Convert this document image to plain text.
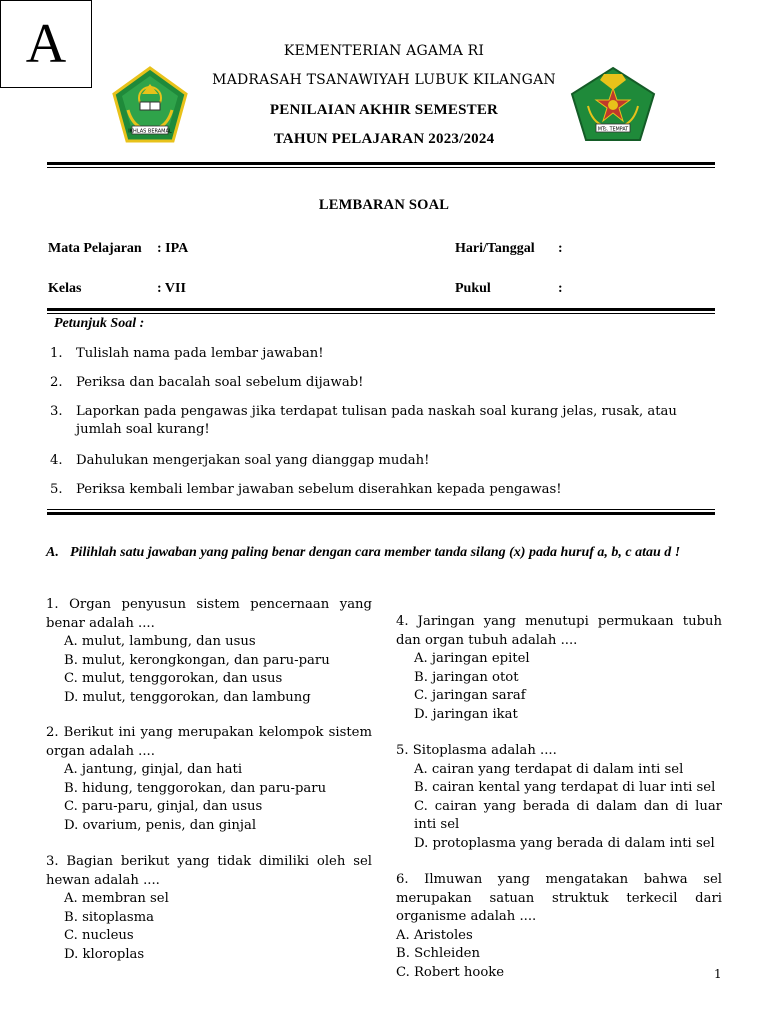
A
IKHLAS BERAMAL	MTs. TEMPAT
KEMENTERIAN AGAMA RI
MADRASAH TSANAWIYAH LUBUK KILANGAN
PENILAIAN AKHIR SEMESTER
TAHUN PELAJARAN 2023/2024
LEMBARAN SOAL
Mata Pelajaran : IPA	Hari/Tanggal :
Kelas	: VII	Pukul	:
Petunjuk Soal :
1. Tulislah nama pada lembar jawaban!
2. Periksa dan bacalah soal sebelum dijawab!
3.	Laporkan pada pengawas jika terdapat tulisan pada naskah soal kurang jelas, rusak, atau jumlah soal kurang!
4. Dahulukan mengerjakan soal yang dianggap mudah!
5. Periksa kembali lembar jawaban sebelum diserahkan kepada pengawas!
A. Pilihlah satu jawaban yang paling benar dengan cara member tanda silang (x) pada huruf a, b, c atau d !
1. Organ penyusun sistem pencernaan yang benar adalah ....
A. mulut, lambung, dan usus
B. mulut, kerongkongan, dan paru-paru
C. mulut, tenggorokan, dan usus
D. mulut, tenggorokan, dan lambung
2. Berikut ini yang merupakan kelompok sistem organ adalah ....
A. jantung, ginjal, dan hati
B. hidung, tenggorokan, dan paru-paru
C. paru-paru, ginjal, dan usus
D. ovarium, penis, dan ginjal
3. Bagian berikut yang tidak dimiliki oleh sel hewan adalah ....
A. membran sel
B. sitoplasma
C. nucleus
D. kloroplas
4. Jaringan yang menutupi permukaan tubuh dan organ tubuh adalah ....
A. jaringan epitel
B. jaringan otot
C. jaringan saraf
D. jaringan ikat
5. Sitoplasma adalah ....
A. cairan yang terdapat di dalam inti sel
B. cairan kental yang terdapat di luar inti sel
C. cairan yang berada di dalam dan di luar inti sel
D. protoplasma yang berada di dalam inti sel
6. Ilmuwan yang mengatakan bahwa sel merupakan satuan struktuk terkecil dari organisme adalah ....
A. Aristoles
B. Schleiden
C. Robert hooke	1
